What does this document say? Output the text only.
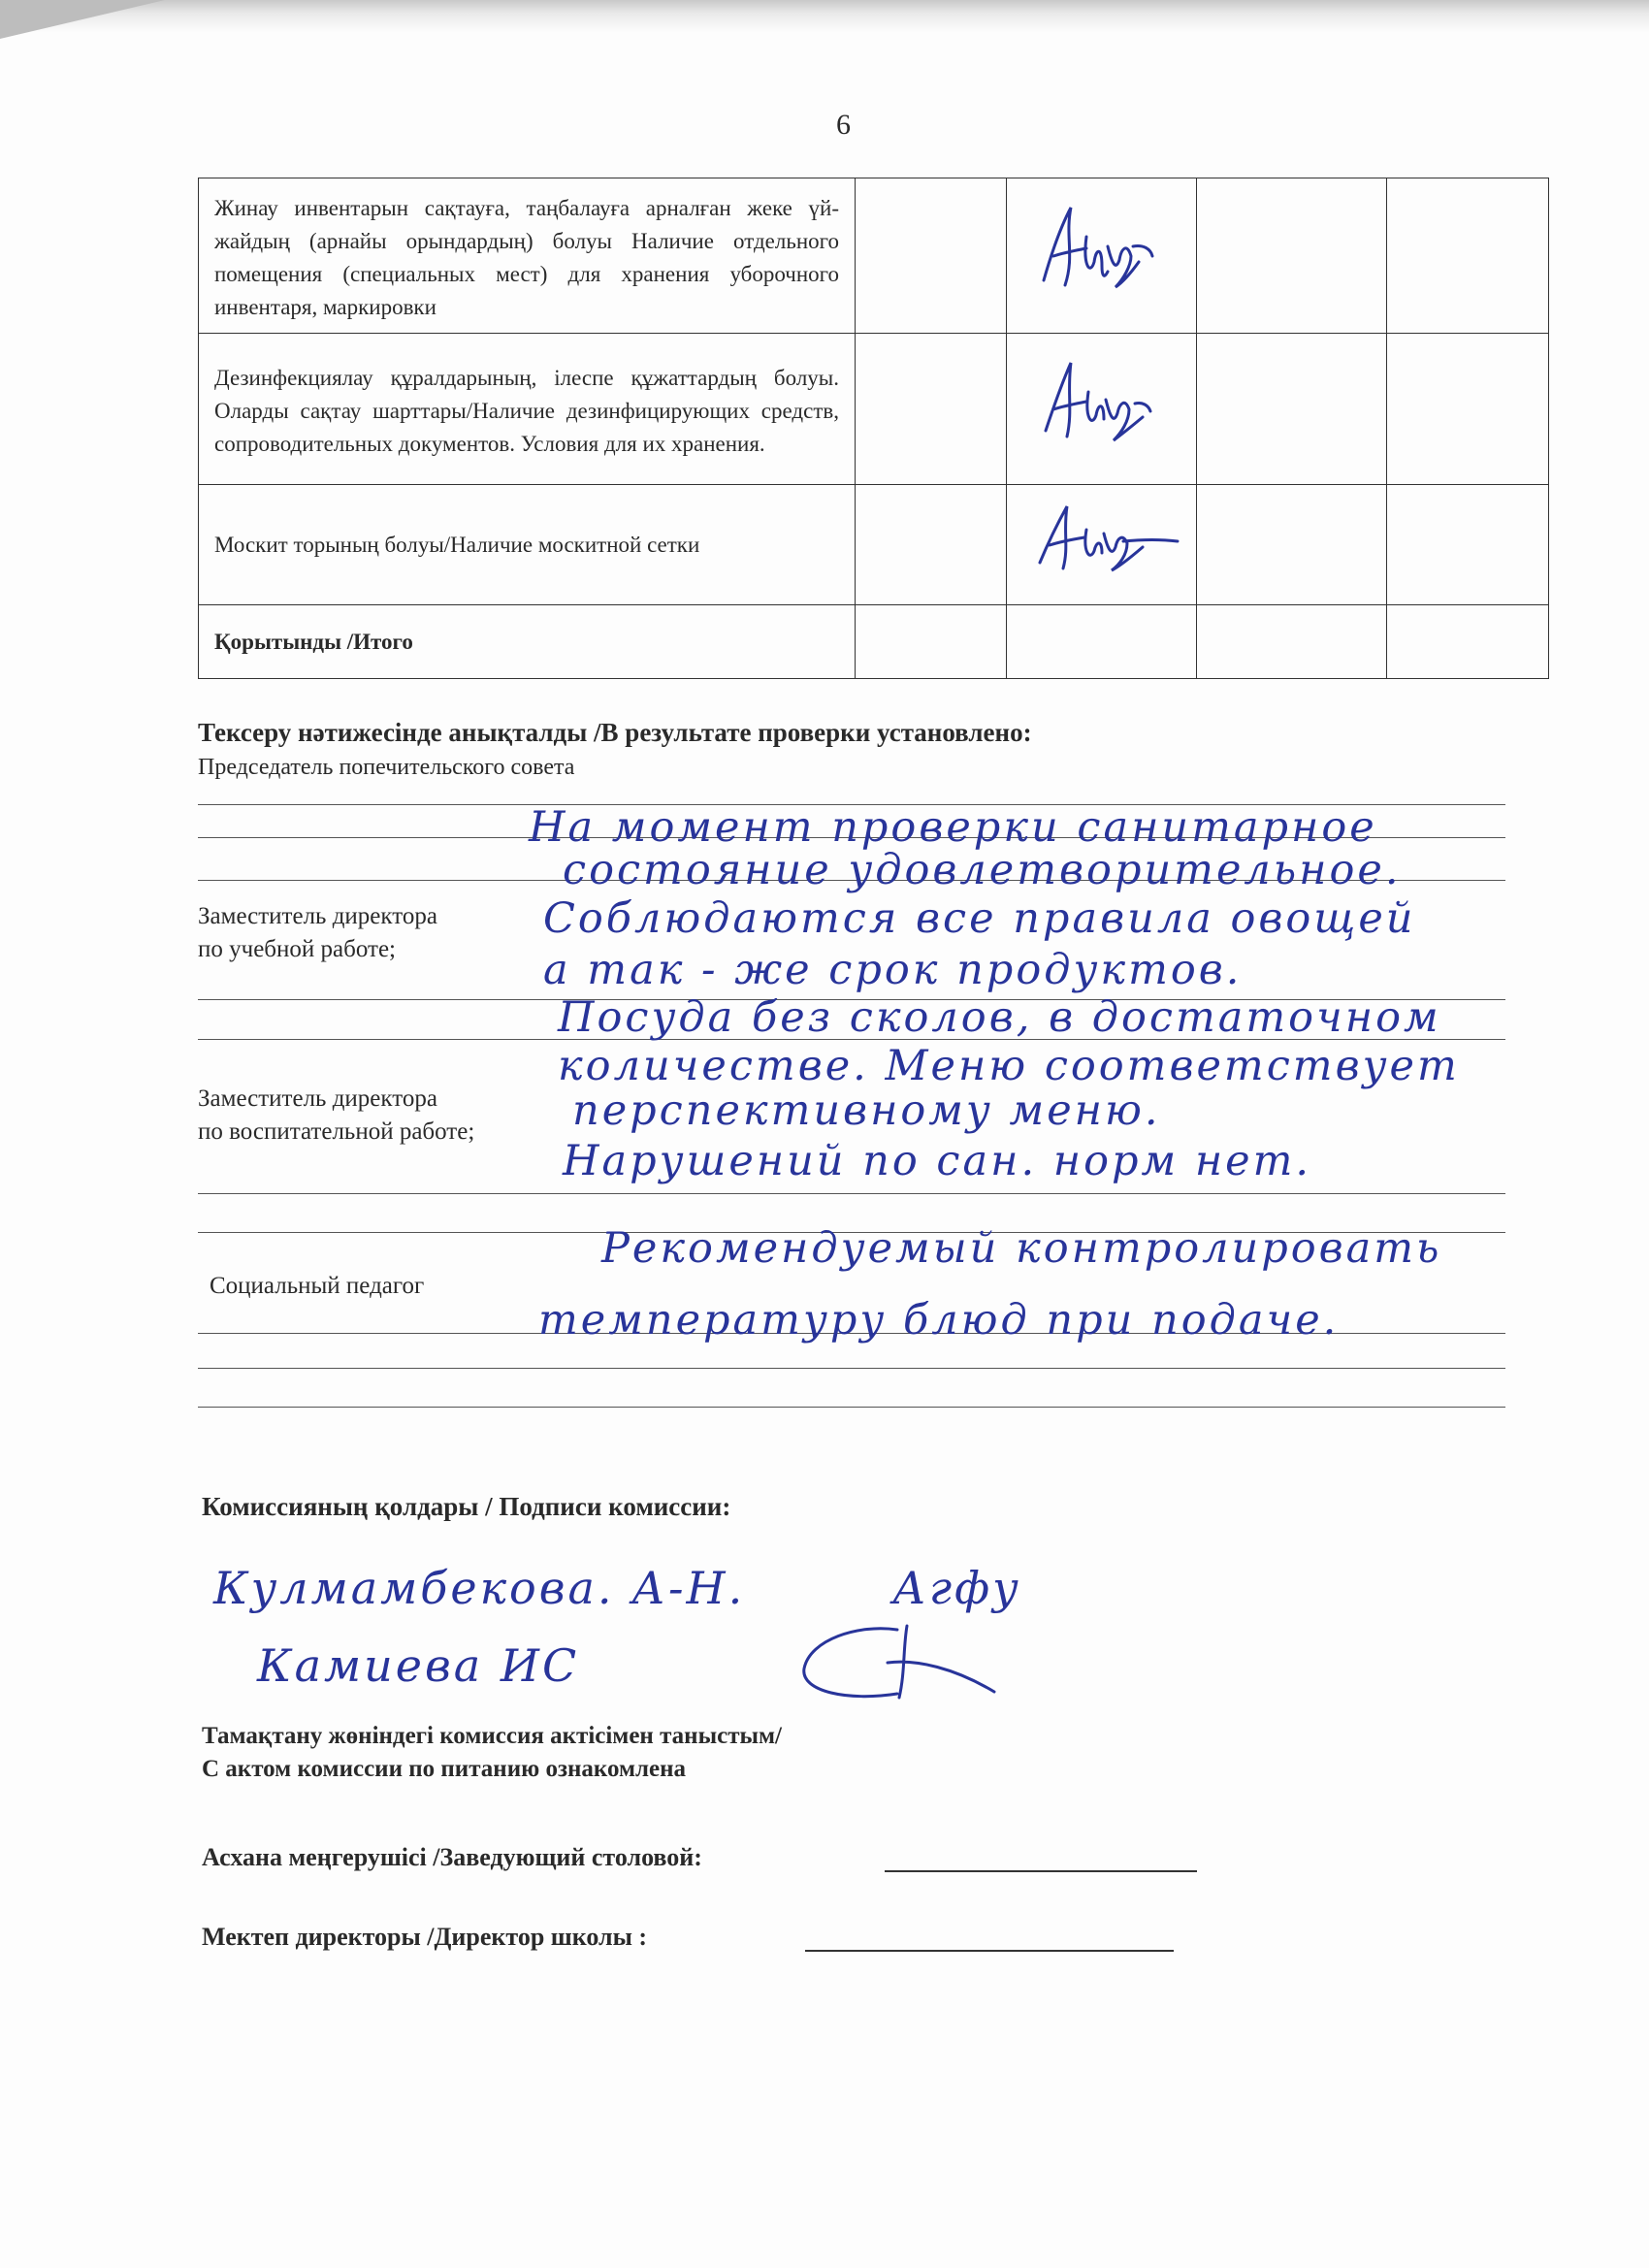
6
Жинау инвентарын сақтауға, таңбалауға арналған жеке үй-жайдың (арнайы орындардың) болуы Наличие отдельного помещения (специальных мест) для хранения уборочного инвентаря, маркировки		

Дезинфекциялау құралдарының, ілеспе құжаттардың болуы. Оларды сақтау шарттары/Наличие дезинфицирующих средств, сопроводительных документов. Условия для их хранения.		

Москит торының болуы/Наличие москитной сетки		

Қорытынды /Итого				
Тексеру нәтижесінде анықталды /В результате проверки установлено:
Председатель попечительского совета
Заместитель директора
по учебной работе;
Заместитель директора
по воспитательной работе;
Социальный педагог
На момент проверки санитарное
состояние удовлетворительное.
Соблюдаются все правила овощей
а так - же срок продуктов.
Посуда без сколов, в достаточном
количестве. Меню соответствует
перспективному меню.
Нарушений по сан. норм нет.
Рекомендуемый контролировать
температуру блюд при подаче.
Комиссияның қолдары / Подписи комиссии:
Кулмамбекова. А-Н.	Агфу
Камиева ИС
Тамақтану жөніндегі комиссия актісімен таныстым/
С актом комиссии по питанию ознакомлена
Асхана меңгерушісі /Заведующий столовой:
Мектеп директоры /Директор школы :
